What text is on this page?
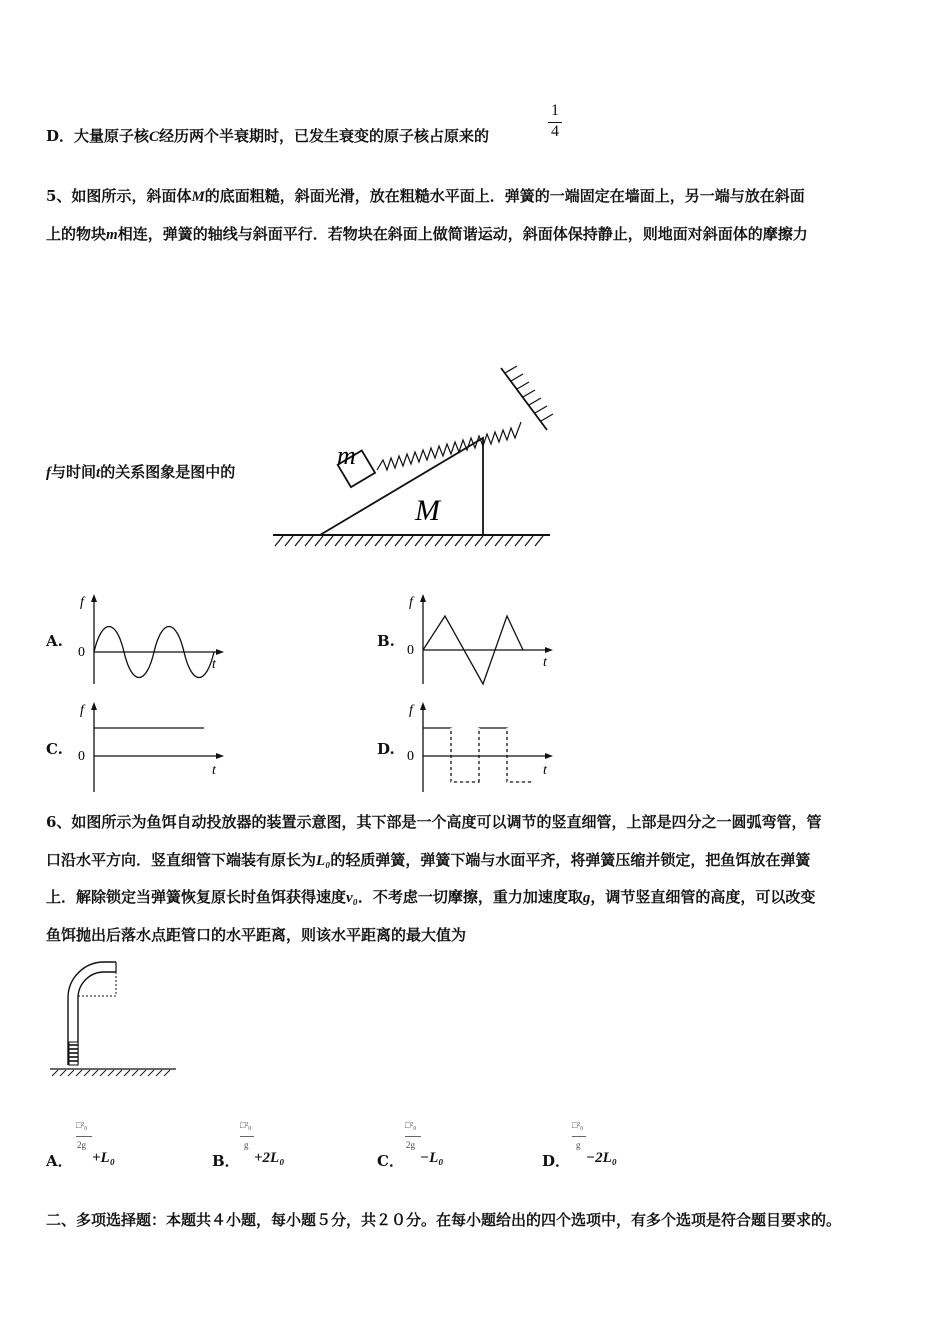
D．大量原子核C经历两个半衰期时，已发生衰变的原子核占原来的	$\frac{1}{4}$
5、如图所示，斜面体M的底面粗糙，斜面光滑，放在粗糙水平面上．弹簧的一端固定在墙面上，另一端与放在斜面
上的物块m相连，弹簧的轴线与斜面平行．若物块在斜面上做简谐运动，斜面体保持静止，则地面对斜面体的摩擦力
f与时间t的关系图象是图中的
m
M
A.
f
0
t
B.
f
0
t
C.
f
0
t
D.
f
0
t
6、如图所示为鱼饵自动投放器的装置示意图，其下部是一个高度可以调节的竖直细管，上部是四分之一圆弧弯管，管
口沿水平方向．竖直细管下端装有原长为L₀的轻质弹簧，弹簧下端与水面平齐，将弹簧压缩并锁定，把鱼饵放在弹簧
上．解除锁定当弹簧恢复原长时鱼饵获得速度v₀．不考虑一切摩擦，重力加速度取g，调节竖直细管的高度，可以改变
鱼饵抛出后落水点距管口的水平距离，则该水平距离的最大值为
A．
□²₀
2g
+L₀	B．
□²₀
g
+2L₀	C．
□²₀
2g
−L₀	D．
□²₀
g
−2L₀
二、多项选择题：本题共４小题，每小题５分，共２０分。在每小题给出的四个选项中，有多个选项是符合题目要求的。
